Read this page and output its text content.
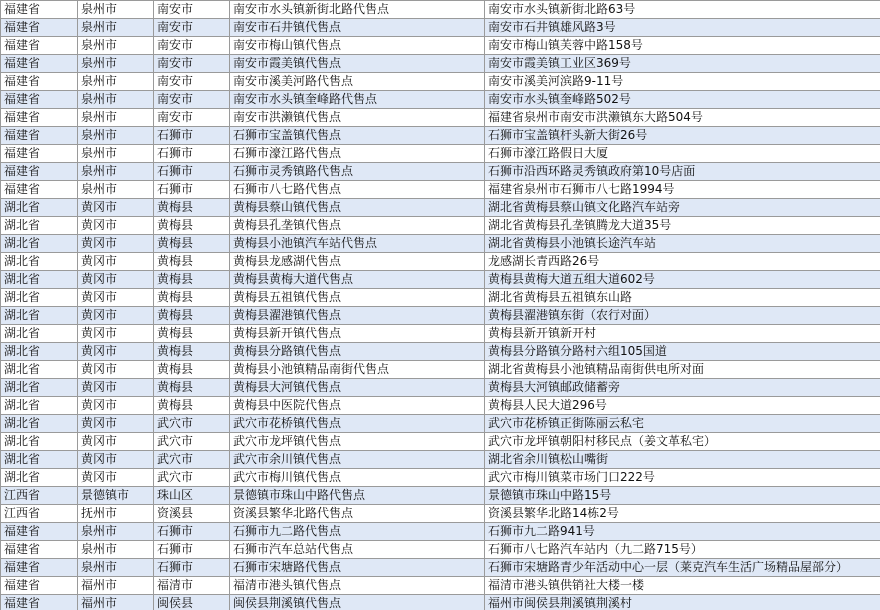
福建省	泉州市	南安市	南安市水头镇新街北路代售点	南安市水头镇新街北路63号
福建省	泉州市	南安市	南安市石井镇代售点	南安市石井镇雄风路3号
福建省	泉州市	南安市	南安市梅山镇代售点	南安市梅山镇芙蓉中路158号
福建省	泉州市	南安市	南安市霞美镇代售点	南安市霞美镇工业区369号
福建省	泉州市	南安市	南安市溪美河路代售点	南安市溪美河滨路9-11号
福建省	泉州市	南安市	南安市水头镇奎峰路代售点	南安市水头镇奎峰路502号
福建省	泉州市	南安市	南安市洪濑镇代售点	福建省泉州市南安市洪濑镇东大路504号
福建省	泉州市	石狮市	石狮市宝盖镇代售点	石狮市宝盖镇杆头新大街26号
福建省	泉州市	石狮市	石狮市濠江路代售点	石狮市濠江路假日大厦
福建省	泉州市	石狮市	石狮市灵秀镇路代售点	石狮市沿西环路灵秀镇政府第10号店面
福建省	泉州市	石狮市	石狮市八七路代售点	福建省泉州市石狮市八七路1994号
湖北省	黄冈市	黄梅县	黄梅县蔡山镇代售点	湖北省黄梅县蔡山镇文化路汽车站旁
湖北省	黄冈市	黄梅县	黄梅县孔垄镇代售点	湖北省黄梅县孔垄镇腾龙大道35号
湖北省	黄冈市	黄梅县	黄梅县小池镇汽车站代售点	湖北省黄梅县小池镇长途汽车站
湖北省	黄冈市	黄梅县	黄梅县龙感湖代售点	龙感湖长青西路26号
湖北省	黄冈市	黄梅县	黄梅县黄梅大道代售点	黄梅县黄梅大道五组大道602号
湖北省	黄冈市	黄梅县	黄梅县五祖镇代售点	湖北省黄梅县五祖镇东山路
湖北省	黄冈市	黄梅县	黄梅县濯港镇代售点	黄梅县濯港镇东街（农行对面）
湖北省	黄冈市	黄梅县	黄梅县新开镇代售点	黄梅县新开镇新开村
湖北省	黄冈市	黄梅县	黄梅县分路镇代售点	黄梅县分路镇分路村六组105国道
湖北省	黄冈市	黄梅县	黄梅县小池镇精品南街代售点	湖北省黄梅县小池镇精品南街供电所对面
湖北省	黄冈市	黄梅县	黄梅县大河镇代售点	黄梅县大河镇邮政储蓄旁
湖北省	黄冈市	黄梅县	黄梅县中医院代售点	黄梅县人民大道296号
湖北省	黄冈市	武穴市	武穴市花桥镇代售点	武穴市花桥镇正街陈丽云私宅
湖北省	黄冈市	武穴市	武穴市龙坪镇代售点	武穴市龙坪镇朝阳村移民点（姜文革私宅）
湖北省	黄冈市	武穴市	武穴市余川镇代售点	湖北省余川镇松山嘴街
湖北省	黄冈市	武穴市	武穴市梅川镇代售点	武穴市梅川镇菜市场门口222号
江西省	景德镇市	珠山区	景德镇市珠山中路代售点	景德镇市珠山中路15号
江西省	抚州市	资溪县	资溪县繁华北路代售点	资溪县繁华北路14栋2号
福建省	泉州市	石狮市	石狮市九二路代售点	石狮市九二路941号
福建省	泉州市	石狮市	石狮市汽车总站代售点	石狮市八七路汽车站内（九二路715号）
福建省	泉州市	石狮市	石狮市宋塘路代售点	石狮市宋塘路青少年活动中心一层（莱克汽车生活广场精品屋部分）
福建省	福州市	福清市	福清市港头镇代售点	福清市港头镇供销社大楼一楼
福建省	福州市	闽侯县	闽侯县荆溪镇代售点	福州市闽侯县荆溪镇荆溪村
